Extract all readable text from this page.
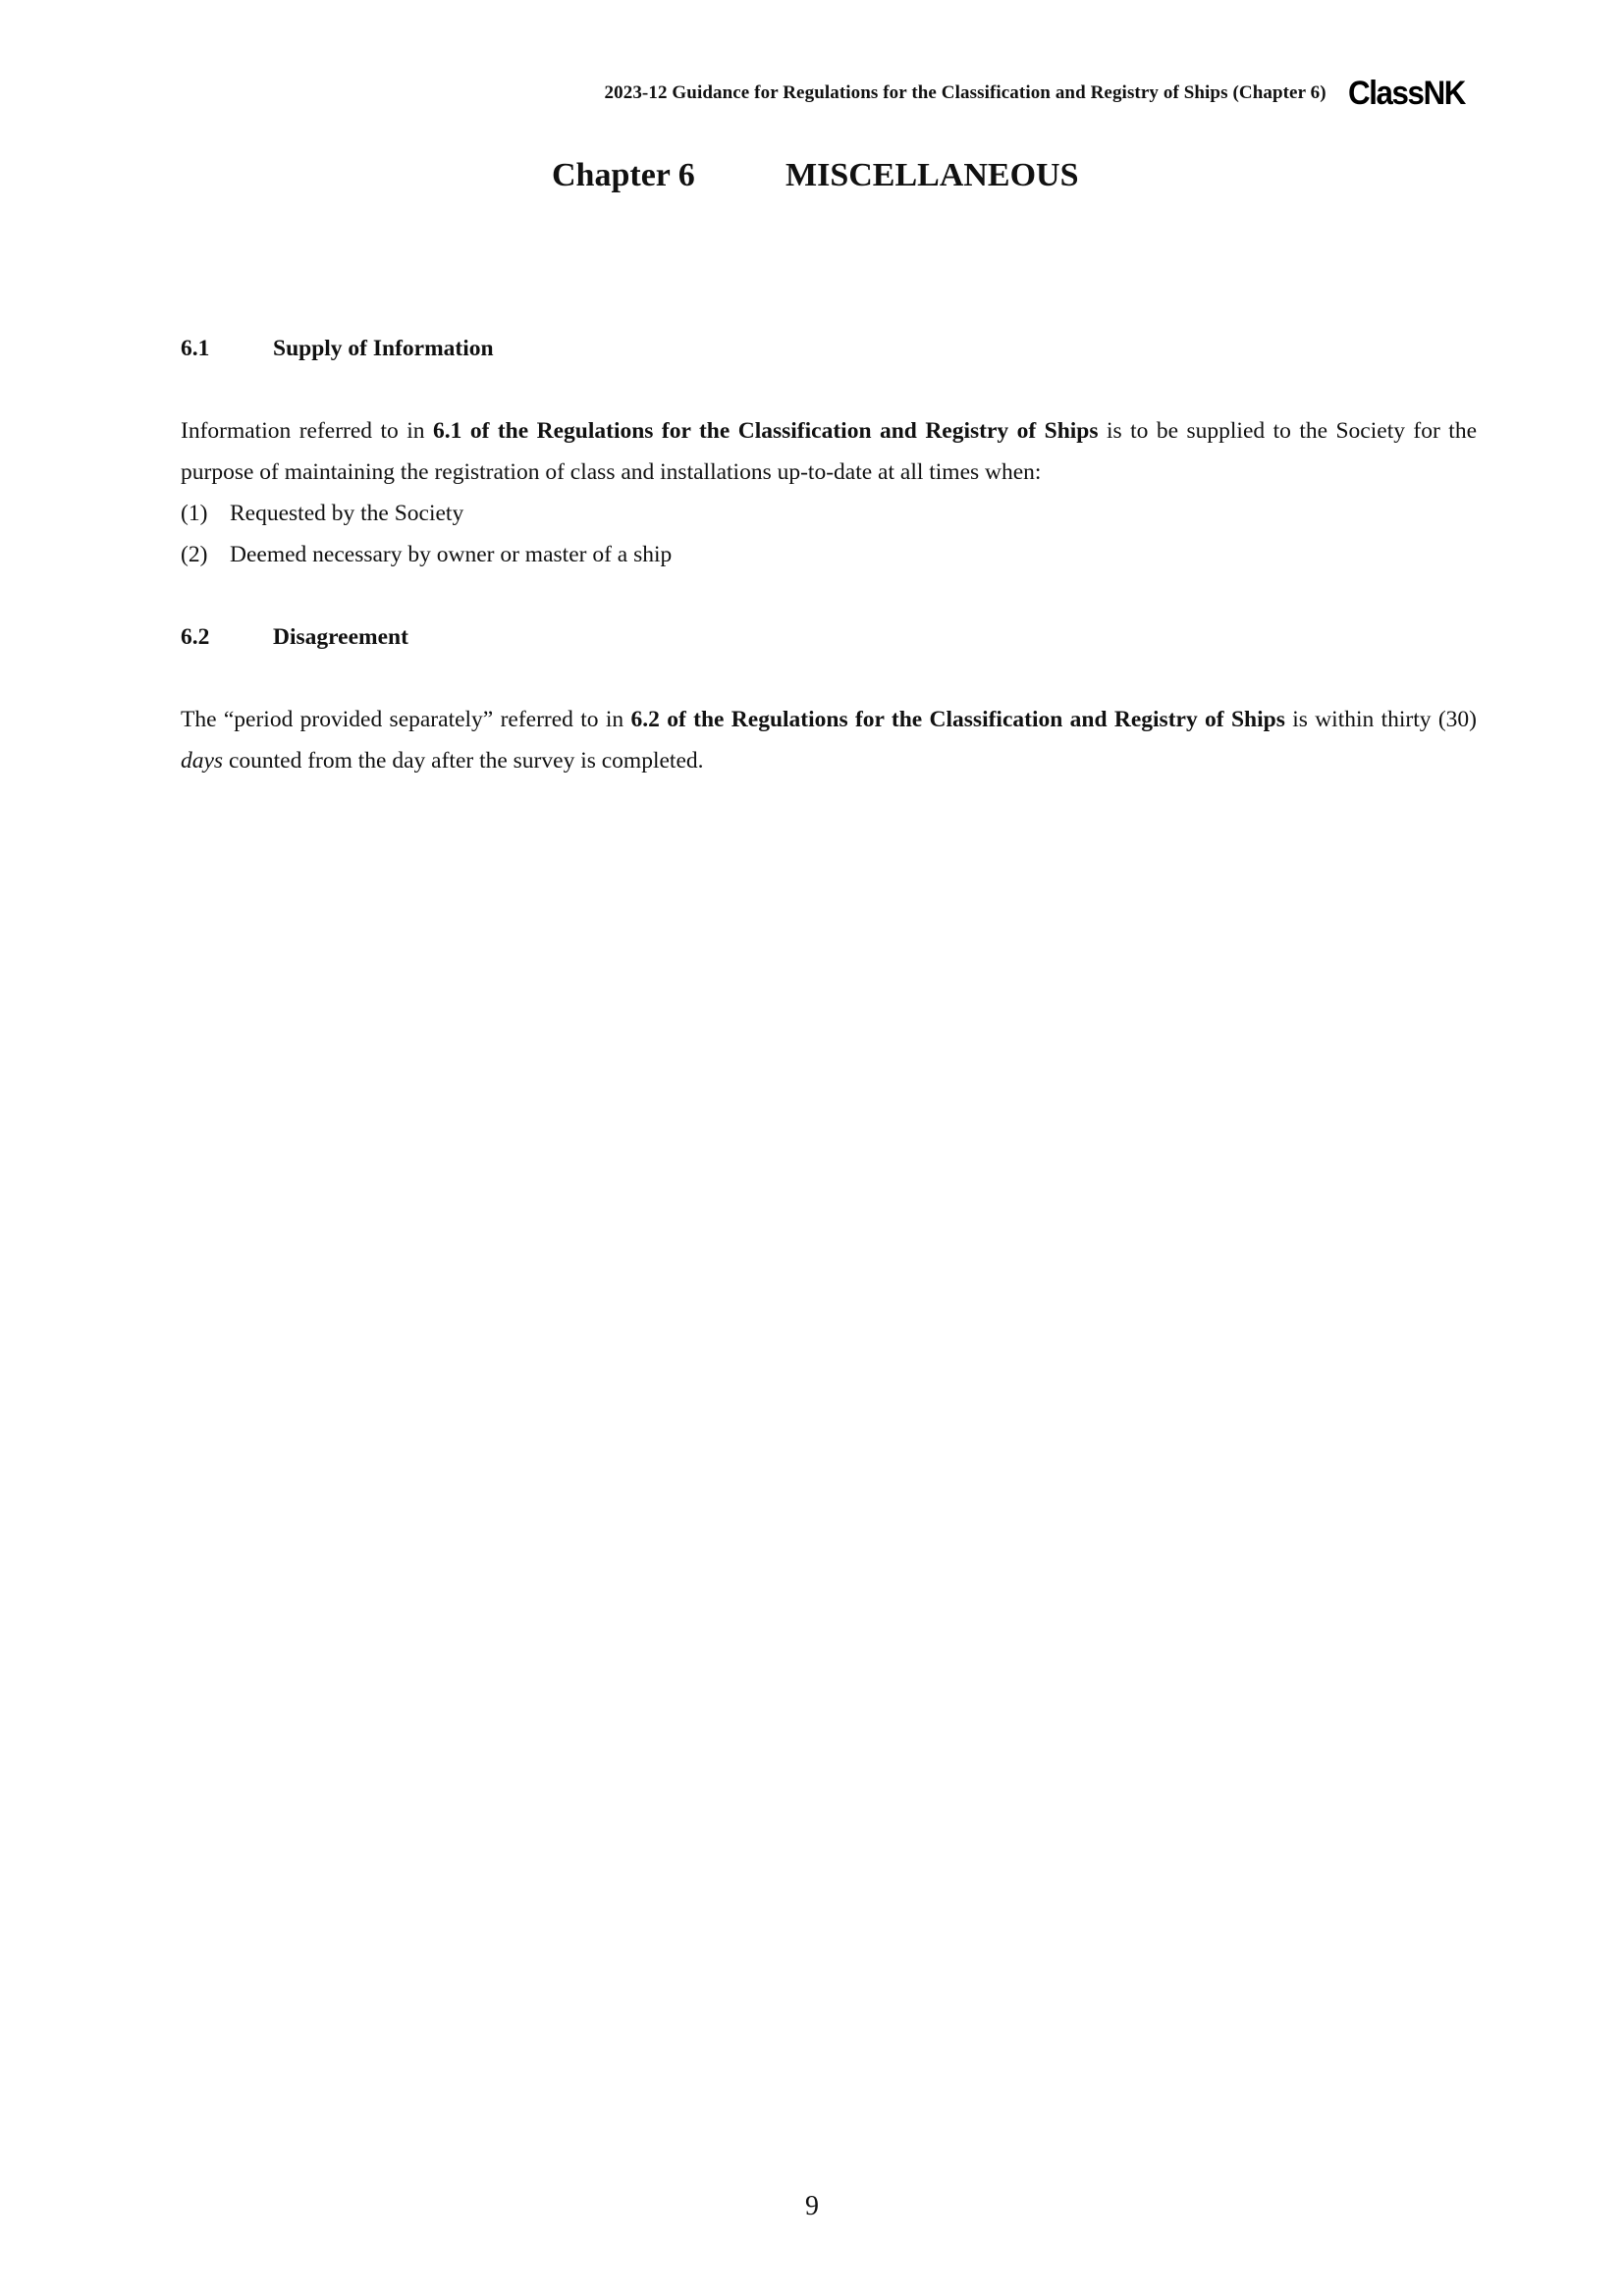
2023-12 Guidance for Regulations for the Classification and Registry of Ships (Chapter 6) ClassNK
Chapter 6	MISCELLANEOUS
6.1	Supply of Information

Information referred to in 6.1 of the Regulations for the Classification and Registry of Ships is to be supplied to the Society for the purpose of maintaining the registration of class and installations up-to-date at all times when:

(1) Requested by the Society
(2) Deemed necessary by owner or master of a ship
6.2	Disagreement

The “period provided separately” referred to in 6.2 of the Regulations for the Classification and Registry of Ships is within thirty (30) days counted from the day after the survey is completed.

9
